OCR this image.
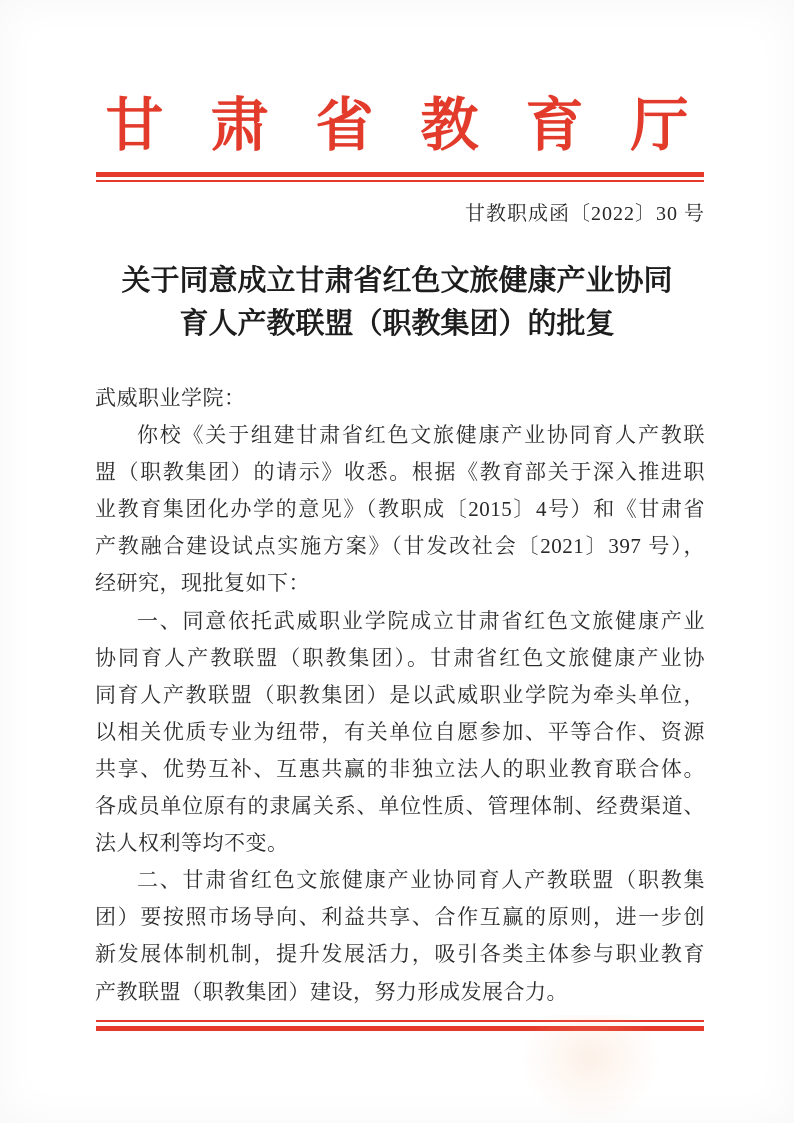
甘肃省教育厅
甘教职成函〔2022〕30 号
关于同意成立甘肃省红色文旅健康产业协同
育人产教联盟（职教集团）的批复
武威职业学院：
你校《关于组建甘肃省红色文旅健康产业协同育人产教联
盟（职教集团）的请示》收悉。根据《教育部关于深入推进职
业教育集团化办学的意见》（教职成〔2015〕4号）和《甘肃省
产教融合建设试点实施方案》（甘发改社会〔2021〕397 号），
经研究，现批复如下：
一、同意依托武威职业学院成立甘肃省红色文旅健康产业
协同育人产教联盟（职教集团）。甘肃省红色文旅健康产业协
同育人产教联盟（职教集团）是以武威职业学院为牵头单位，
以相关优质专业为纽带，有关单位自愿参加、平等合作、资源
共享、优势互补、互惠共赢的非独立法人的职业教育联合体。
各成员单位原有的隶属关系、单位性质、管理体制、经费渠道、
法人权利等均不变。
二、甘肃省红色文旅健康产业协同育人产教联盟（职教集
团）要按照市场导向、利益共享、合作互赢的原则，进一步创
新发展体制机制，提升发展活力，吸引各类主体参与职业教育
产教联盟（职教集团）建设，努力形成发展合力。
